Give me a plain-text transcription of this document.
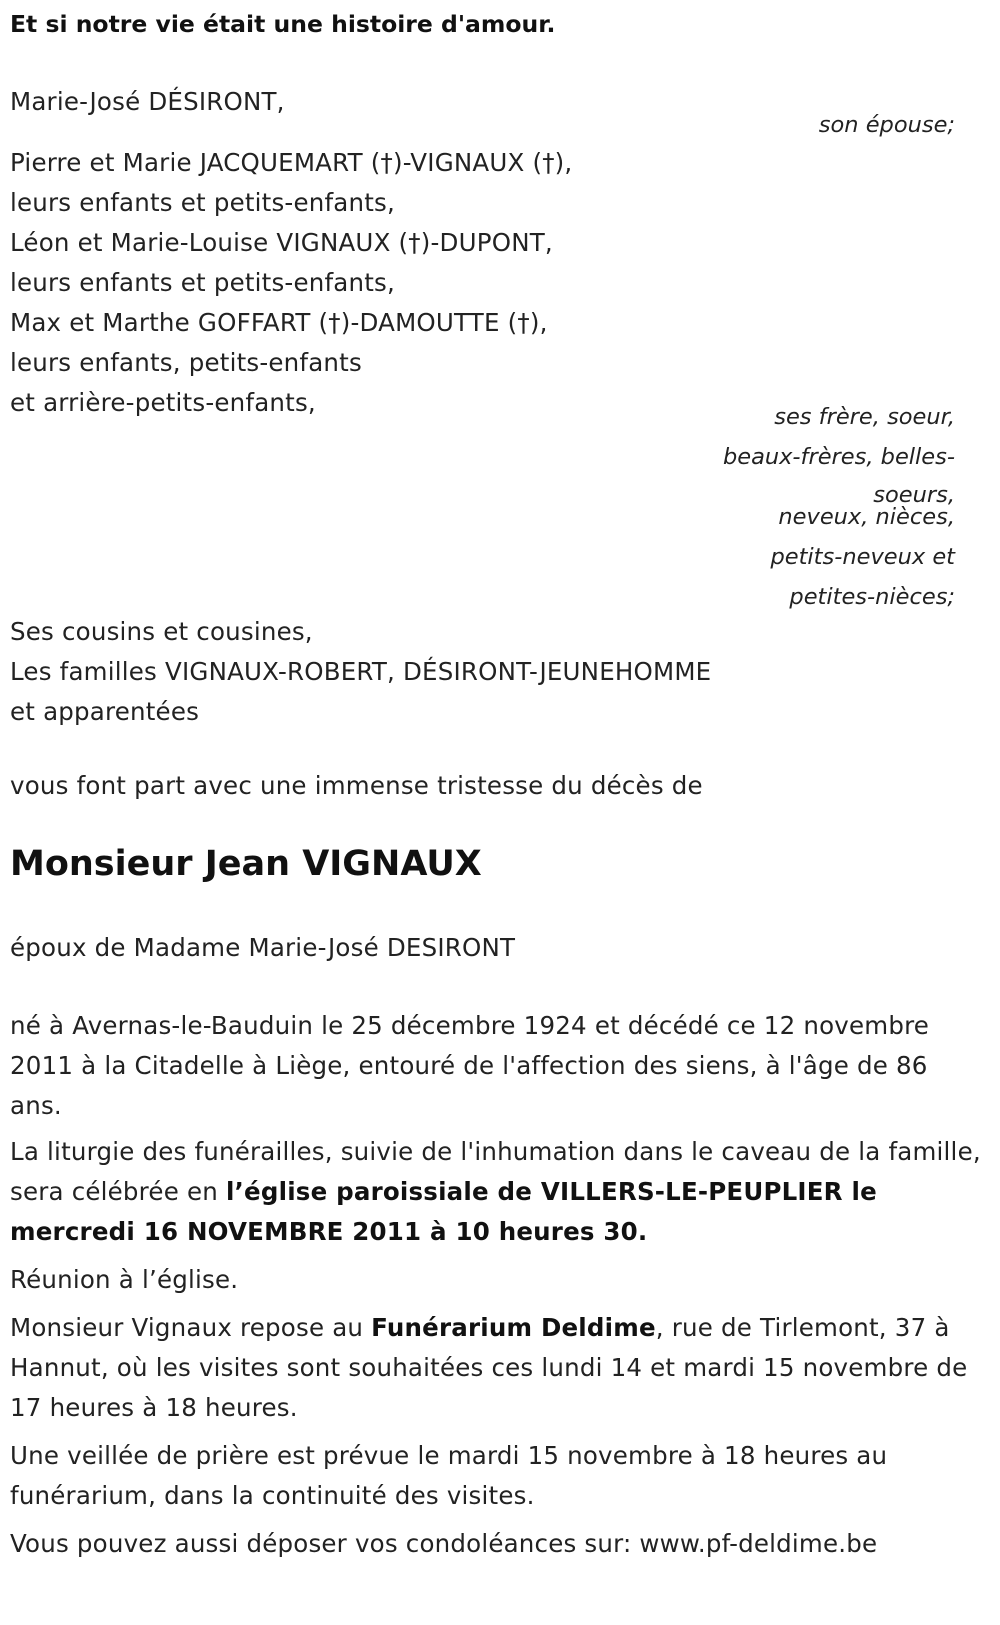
Et si notre vie était une histoire d'amour.
Marie-José DÉSIRONT,
son épouse;
Pierre et Marie JACQUEMART (†)-VIGNAUX (†),
leurs enfants et petits-enfants,
Léon et Marie-Louise VIGNAUX (†)-DUPONT,
leurs enfants et petits-enfants,
Max et Marthe GOFFART (†)-DAMOUTTE (†),
leurs enfants, petits-enfants
et arrière-petits-enfants,	ses frère, soeur,
beaux-frères, belles-
soeurs,
neveux, nièces,
petits-neveux et
petites-nièces;
Ses cousins et cousines,
Les familles VIGNAUX-ROBERT, DÉSIRONT-JEUNEHOMME
et apparentées
vous font part avec une immense tristesse du décès de
Monsieur Jean VIGNAUX
époux de Madame Marie-José DESIRONT
né à Avernas-le-Bauduin le 25 décembre 1924 et décédé ce 12 novembre 2011 à la Citadelle à Liège, entouré de l'affection des siens, à l'âge de 86 ans.
La liturgie des funérailles, suivie de l'inhumation dans le caveau de la famille, sera célébrée en l’église paroissiale de VILLERS-LE-PEUPLIER le mercredi 16 NOVEMBRE 2011 à 10 heures 30.
Réunion à l’église.
Monsieur Vignaux repose au Funérarium Deldime, rue de Tirlemont, 37 à Hannut, où les visites sont souhaitées ces lundi 14 et mardi 15 novembre de 17 heures à 18 heures.
Une veillée de prière est prévue le mardi 15 novembre à 18 heures au funérarium, dans la continuité des visites.
Vous pouvez aussi déposer vos condoléances sur: www.pf-deldime.be
